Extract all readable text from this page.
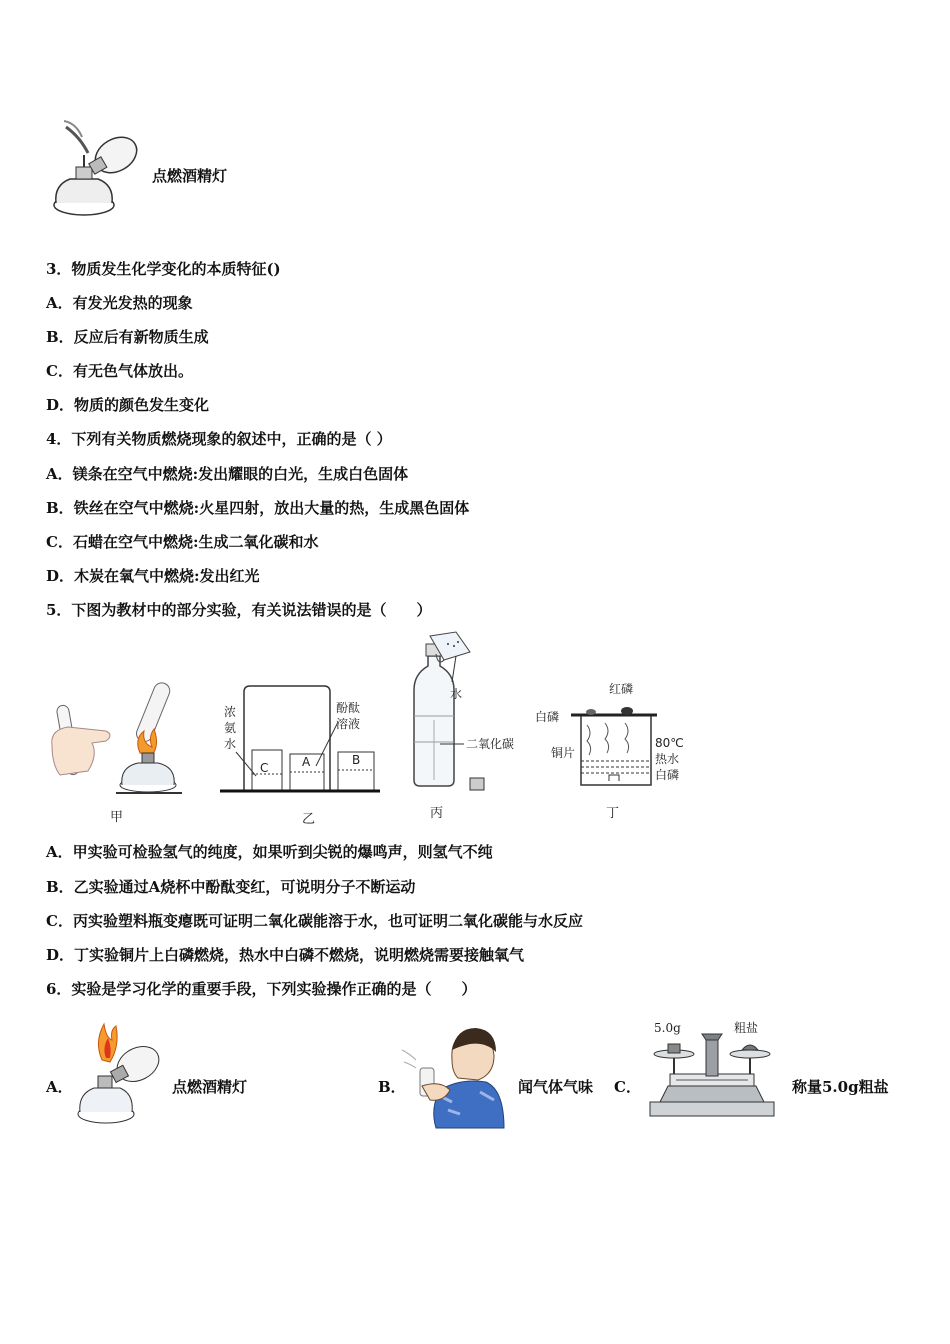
点燃酒精灯
3．物质发生化学变化的本质特征()
A．有发光发热的现象
B．反应后有新物质生成
C．有无色气体放出。
D．物质的颜色发生变化
4．下列有关物质燃烧现象的叙述中，正确的是（ ）
A．镁条在空气中燃烧:发出耀眼的白光，生成白色固体
B．铁丝在空气中燃烧:火星四射，放出大量的热，生成黑色固体
C．石蜡在空气中燃烧:生成二氧化碳和水
D．木炭在氧气中燃烧:发出红光
5．下图为教材中的部分实验，有关说法错误的是（　　）
甲
浓
氨
水
酚酞
溶液
C	A	B
乙
水
二氧化碳
丙
红磷
白磷
铜片
80℃
热水
白磷
丁
A．甲实验可检验氢气的纯度，如果听到尖锐的爆鸣声，则氢气不纯
B．乙实验通过A烧杯中酚酞变红，可说明分子不断运动
C．丙实验塑料瓶变瘪既可证明二氧化碳能溶于水，也可证明二氧化碳能与水反应
D．丁实验铜片上白磷燃烧，热水中白磷不燃烧，说明燃烧需要接触氧气
6．实验是学习化学的重要手段，下列实验操作正确的是（　　）
A．	点燃酒精灯	B．	闻气体气味 C．
5.0g	粗盐
称量5.0g粗盐
